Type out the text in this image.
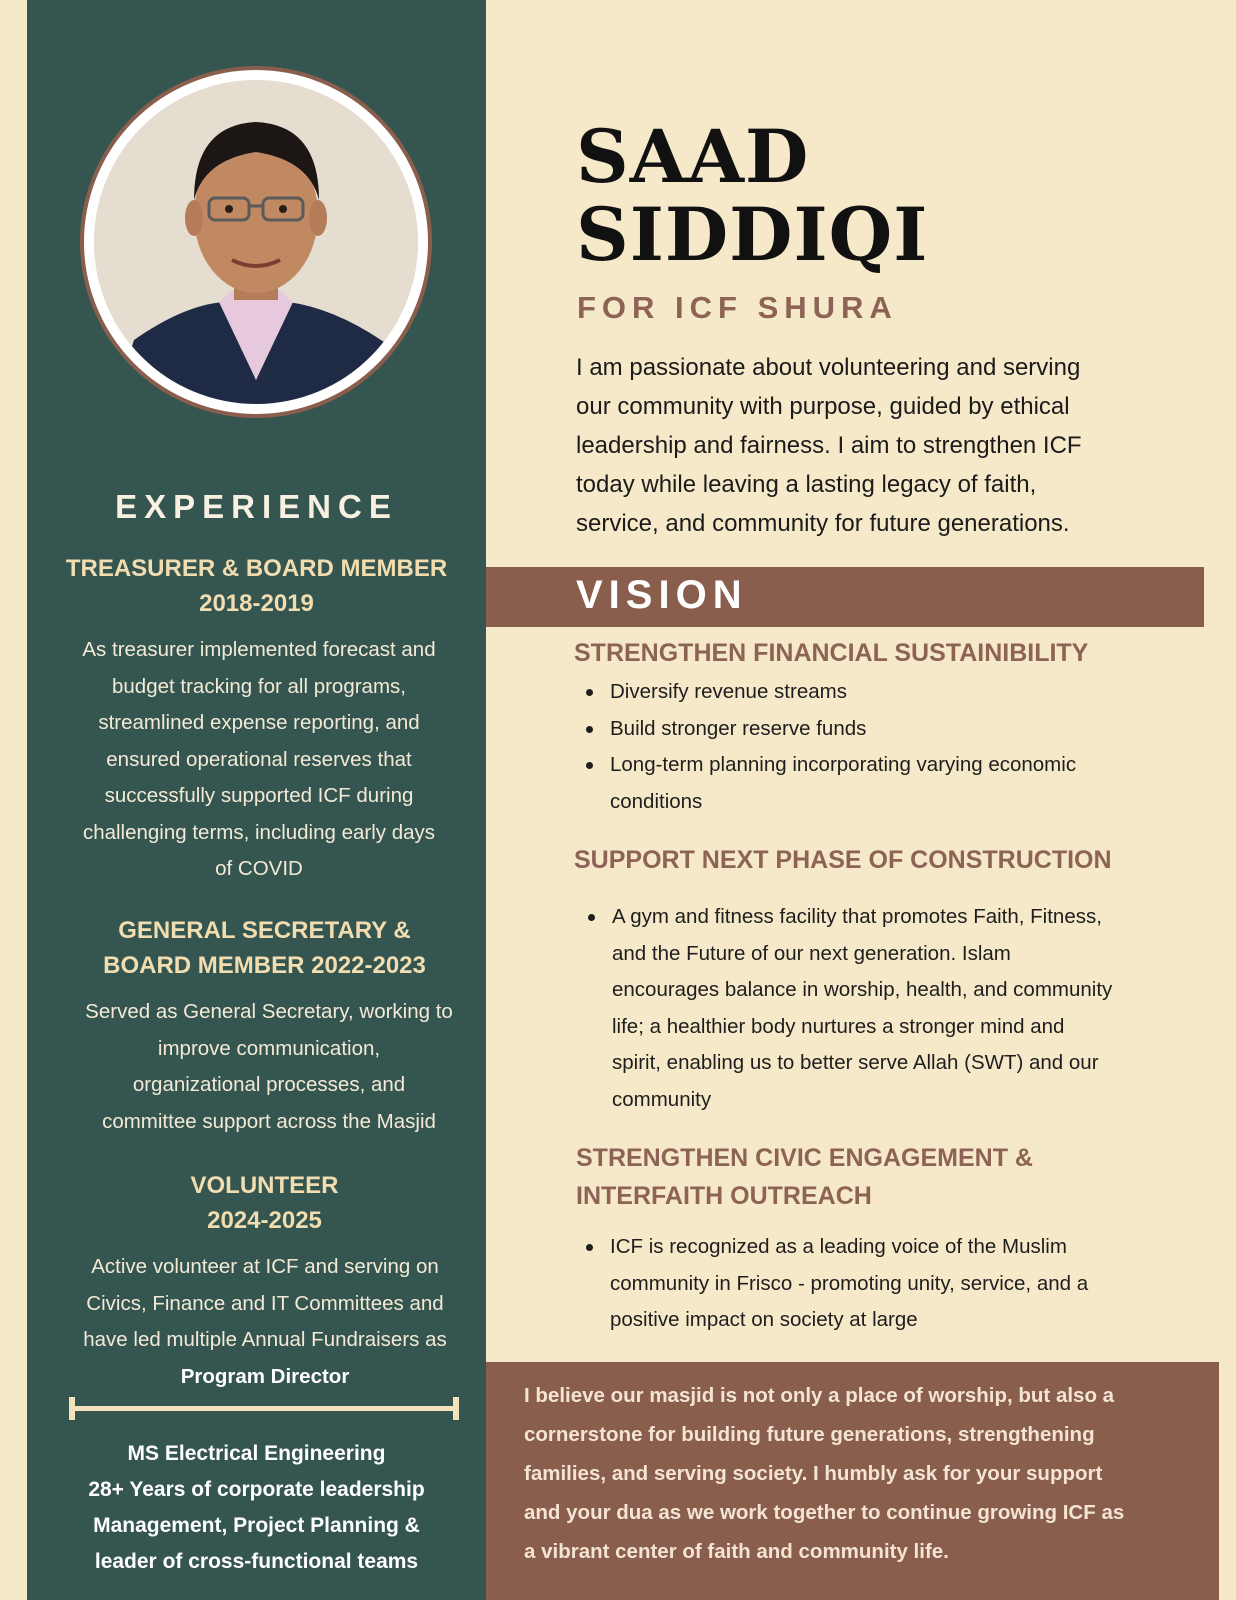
EXPERIENCE
TREASURER & BOARD MEMBER
2018-2019
As treasurer implemented forecast and
budget tracking for all programs,
streamlined expense reporting, and
ensured operational reserves that
successfully supported ICF during
challenging terms, including early days
of COVID
GENERAL SECRETARY &
BOARD MEMBER 2022-2023
Served as General Secretary, working to
improve communication,
organizational processes, and
committee support across the Masjid
VOLUNTEER
2024-2025
Active volunteer at ICF and serving on
Civics, Finance and IT Committees and
have led multiple Annual Fundraisers as
Program Director
MS Electrical Engineering
28+ Years of corporate leadership
Management, Project Planning &
leader of cross-functional teams
SAAD
SIDDIQI
FOR ICF SHURA
I am passionate about volunteering and serving
our community with purpose, guided by ethical
leadership and fairness. I aim to strengthen ICF
today while leaving a lasting legacy of faith,
service, and community for future generations.
VISION
STRENGTHEN FINANCIAL SUSTAINIBILITY
Diversify revenue streams
Build stronger reserve funds
Long-term planning incorporating varying economic
conditions
SUPPORT NEXT PHASE OF CONSTRUCTION
A gym and fitness facility that promotes Faith, Fitness,
and the Future of our next generation. Islam
encourages balance in worship, health, and community
life; a healthier body nurtures a stronger mind and
spirit, enabling us to better serve Allah (SWT) and our
community
STRENGTHEN CIVIC ENGAGEMENT &
INTERFAITH OUTREACH
ICF is recognized as a leading voice of the Muslim
community in Frisco - promoting unity, service, and a
positive impact on society at large
I believe our masjid is not only a place of worship, but also a
cornerstone for building future generations, strengthening
families, and serving society. I humbly ask for your support
and your dua as we work together to continue growing ICF as
a vibrant center of faith and community life.
